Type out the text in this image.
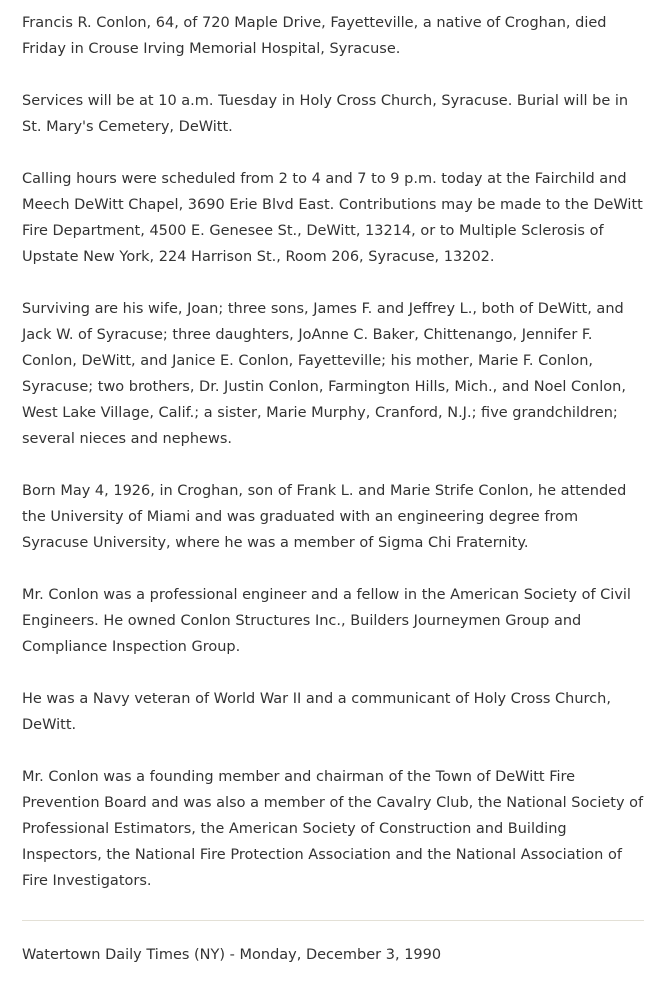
Francis R. Conlon, 64, of 720 Maple Drive, Fayetteville, a native of Croghan, died Friday in Crouse Irving Memorial Hospital, Syracuse.

Services will be at 10 a.m. Tuesday in Holy Cross Church, Syracuse. Burial will be in St. Mary's Cemetery, DeWitt.

Calling hours were scheduled from 2 to 4 and 7 to 9 p.m. today at the Fairchild and Meech DeWitt Chapel, 3690 Erie Blvd East. Contributions may be made to the DeWitt Fire Department, 4500 E. Genesee St., DeWitt, 13214, or to Multiple Sclerosis of Upstate New York, 224 Harrison St., Room 206, Syracuse, 13202.

Surviving are his wife, Joan; three sons, James F. and Jeffrey L., both of DeWitt, and Jack W. of Syracuse; three daughters, JoAnne C. Baker, Chittenango, Jennifer F. Conlon, DeWitt, and Janice E. Conlon, Fayetteville; his mother, Marie F. Conlon, Syracuse; two brothers, Dr. Justin Conlon, Farmington Hills, Mich., and Noel Conlon, West Lake Village, Calif.; a sister, Marie Murphy, Cranford, N.J.; five grandchildren; several nieces and nephews.

Born May 4, 1926, in Croghan, son of Frank L. and Marie Strife Conlon, he attended the University of Miami and was graduated with an engineering degree from Syracuse University, where he was a member of Sigma Chi Fraternity.

Mr. Conlon was a professional engineer and a fellow in the American Society of Civil Engineers. He owned Conlon Structures Inc., Builders Journeymen Group and Compliance Inspection Group.

He was a Navy veteran of World War II and a communicant of Holy Cross Church, DeWitt.

Mr. Conlon was a founding member and chairman of the Town of DeWitt Fire Prevention Board and was also a member of the Cavalry Club, the National Society of Professional Estimators, the American Society of Construction and Building Inspectors, the National Fire Protection Association and the National Association of Fire Investigators.

Watertown Daily Times (NY) - Monday, December 3, 1990
